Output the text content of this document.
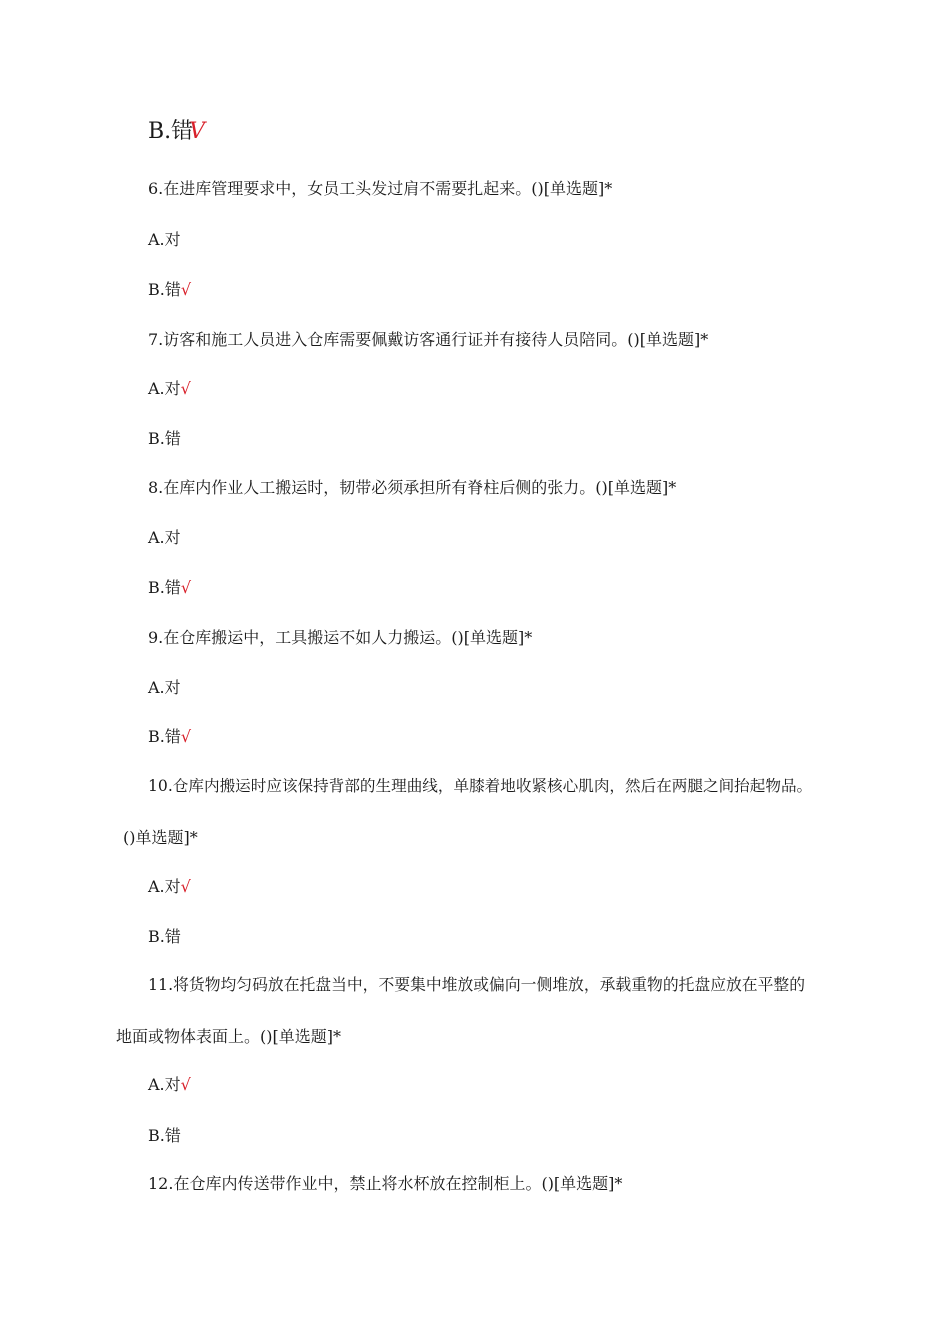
B.错V
6.在进库管理要求中，女员工头发过肩不需要扎起来。()[单选题]*
A.对
B.错√
7.访客和施工人员进入仓库需要佩戴访客通行证并有接待人员陪同。()[单选题]*
A.对√
B.错
8.在库内作业人工搬运时，韧带必须承担所有脊柱后侧的张力。()[单选题]*
A.对
B.错√
9.在仓库搬运中，工具搬运不如人力搬运。()[单选题]*
A.对
B.错√
10.仓库内搬运时应该保持背部的生理曲线，单膝着地收紧核心肌肉，然后在两腿之间抬起物品。
()单选题]*
A.对√
B.错
11.将货物均匀码放在托盘当中，不要集中堆放或偏向一侧堆放，承载重物的托盘应放在平整的
地面或物体表面上。()[单选题]*
A.对√
B.错
12.在仓库内传送带作业中，禁止将水杯放在控制柜上。()[单选题]*
